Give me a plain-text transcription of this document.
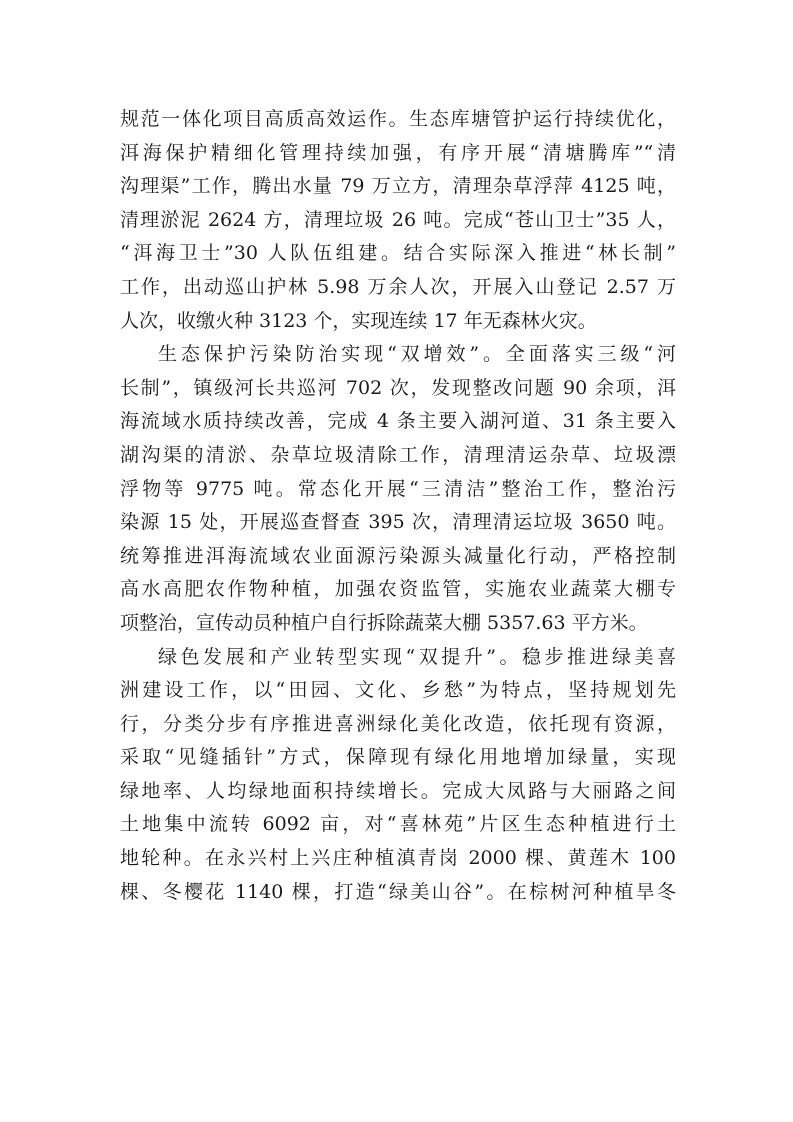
规范一体化项目高质高效运作。生态库塘管护运行持续优化，
洱海保护精细化管理持续加强，有序开展“清塘腾库”“清
沟理渠”工作，腾出水量 79 万立方，清理杂草浮萍 4125 吨，
清理淤泥 2624 方，清理垃圾 26 吨。完成“苍山卫士”35 人，
“洱海卫士”30 人队伍组建。结合实际深入推进“林长制”
工作，出动巡山护林 5.98 万余人次，开展入山登记 2.57 万
人次，收缴火种 3123 个，实现连续 17 年无森林火灾。
生态保护污染防治实现“双增效”。全面落实三级“河
长制”，镇级河长共巡河 702 次，发现整改问题 90 余项，洱
海流域水质持续改善，完成 4 条主要入湖河道、31 条主要入
湖沟渠的清淤、杂草垃圾清除工作，清理清运杂草、垃圾漂
浮物等 9775 吨。常态化开展“三清洁”整治工作，整治污
染源 15 处，开展巡查督查 395 次，清理清运垃圾 3650 吨。
统筹推进洱海流域农业面源污染源头减量化行动，严格控制
高水高肥农作物种植，加强农资监管，实施农业蔬菜大棚专
项整治，宣传动员种植户自行拆除蔬菜大棚 5357.63 平方米。
绿色发展和产业转型实现“双提升”。稳步推进绿美喜
洲建设工作，以“田园、文化、乡愁”为特点，坚持规划先
行，分类分步有序推进喜洲绿化美化改造，依托现有资源，
采取“见缝插针”方式，保障现有绿化用地增加绿量，实现
绿地率、人均绿地面积持续增长。完成大凤路与大丽路之间
土地集中流转 6092 亩，对“喜林苑”片区生态种植进行土
地轮种。在永兴村上兴庄种植滇青岗 2000 棵、黄莲木 100
棵、冬樱花 1140 棵，打造“绿美山谷”。在棕树河种植旱冬
